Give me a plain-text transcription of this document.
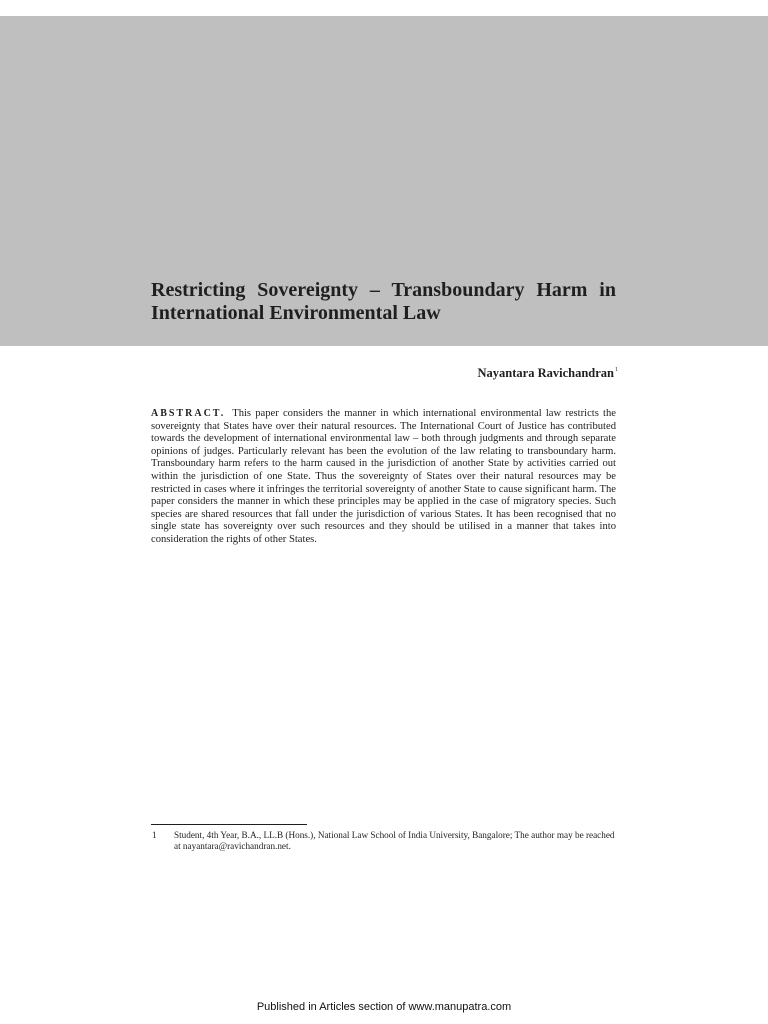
Restricting Sovereignty – Transboundary Harm in International Environmental Law
Nayantara Ravichandran$^1$

ABSTRACT. This paper considers the manner in which international environmental law restricts the sovereignty that States have over their natural resources. The International Court of Justice has contributed towards the development of international environmental law – both through judgments and through separate opinions of judges. Particularly relevant has been the evolution of the law relating to transboundary harm. Transboundary harm refers to the harm caused in the jurisdiction of another State by activities carried out within the jurisdiction of one State. Thus the sovereignty of States over their natural resources may be restricted in cases where it infringes the territorial sovereignty of another State to cause significant harm. The paper considers the manner in which these principles may be applied in the case of migratory species. Such species are shared resources that fall under the jurisdiction of various States. It has been recognised that no single state has sovereignty over such resources and they should be utilised in a manner that takes into consideration the rights of other States.

1	Student, 4th Year, B.A., LL.B (Hons.), National Law School of India University, Bangalore; The author may be reached at nayantara@ravichandran.net.
Published in Articles section of www.manupatra.com
